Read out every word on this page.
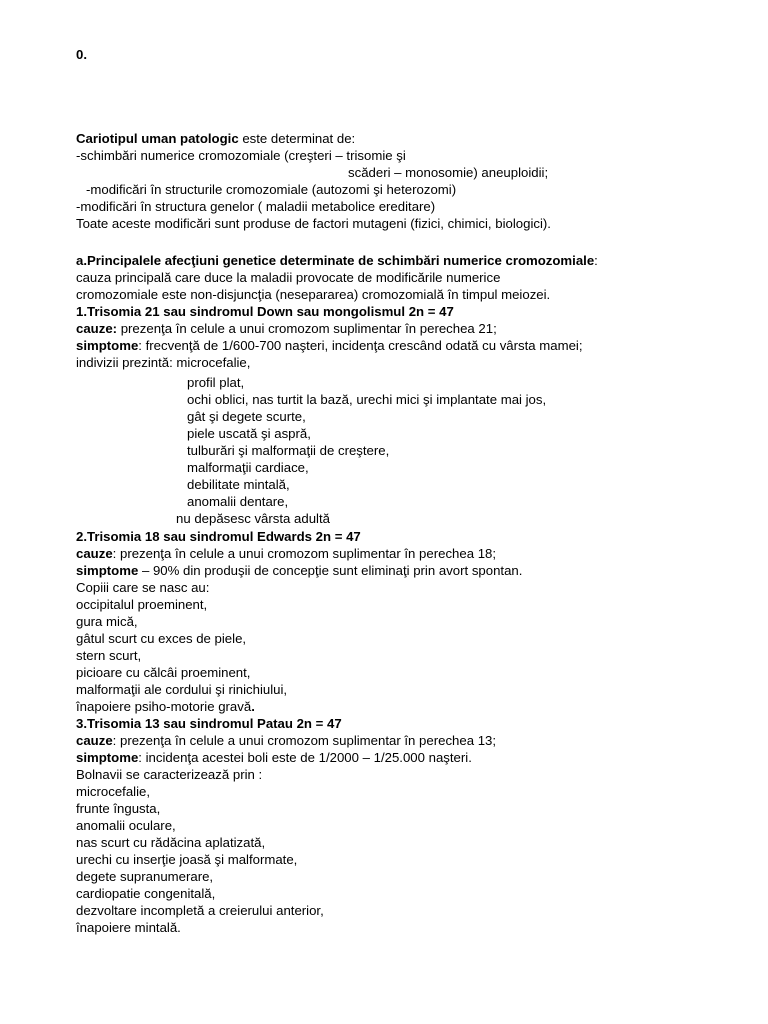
0.
Cariotipul uman patologic este determinat de:
-schimbări numerice cromozomiale (creşteri – trisomie şi
scăderi – monosomie) aneuploidii;
-modificări în structurile cromozomiale (autozomi şi heterozomi)
-modificări în structura genelor ( maladii metabolice ereditare)
Toate aceste modificări sunt produse de factori mutageni (fizici, chimici, biologici).
a.Principalele afecţiuni genetice determinate de schimbări numerice cromozomiale:
cauza principală care duce la maladii provocate de modificările numerice
cromozomiale este non-disjuncţia (nesepararea) cromozomială în timpul meiozei.
1.Trisomia 21 sau sindromul Down sau mongolismul 2n = 47
cauze: prezenţa în celule a unui cromozom suplimentar în perechea 21;
simptome: frecvenţă de 1/600-700 naşteri, incidenţa crescând odată cu vârsta mamei;
indivizii prezintă: microcefalie,
profil plat,
ochi oblici, nas turtit la bază, urechi mici şi implantate mai jos,
gât şi degete scurte,
piele uscată şi aspră,
tulburări şi malformaţii de creştere,
malformaţii cardiace,
debilitate mintală,
anomalii dentare,
nu depăsesc vârsta adultă
2.Trisomia 18 sau sindromul Edwards 2n = 47
cauze: prezenţa în celule a unui cromozom suplimentar în perechea 18;
simptome – 90% din produşii de concepţie sunt eliminaţi prin avort spontan.
Copiii care se nasc au:
occipitalul proeminent,
gura mică,
gâtul scurt cu exces de piele,
stern scurt,
picioare cu călcâi proeminent,
malformaţii ale cordului şi rinichiului,
înapoiere psiho-motorie gravă.
3.Trisomia 13 sau sindromul Patau 2n = 47
cauze: prezenţa în celule a unui cromozom suplimentar în perechea 13;
simptome: incidenţa acestei boli este de 1/2000 – 1/25.000 naşteri.
Bolnavii se caracterizează prin :
microcefalie,
frunte îngusta,
anomalii oculare,
nas scurt cu rădăcina aplatizată,
urechi cu inserţie joasă şi malformate,
degete supranumerare,
cardiopatie congenitală,
dezvoltare incompletă a creierului anterior,
înapoiere mintală.
